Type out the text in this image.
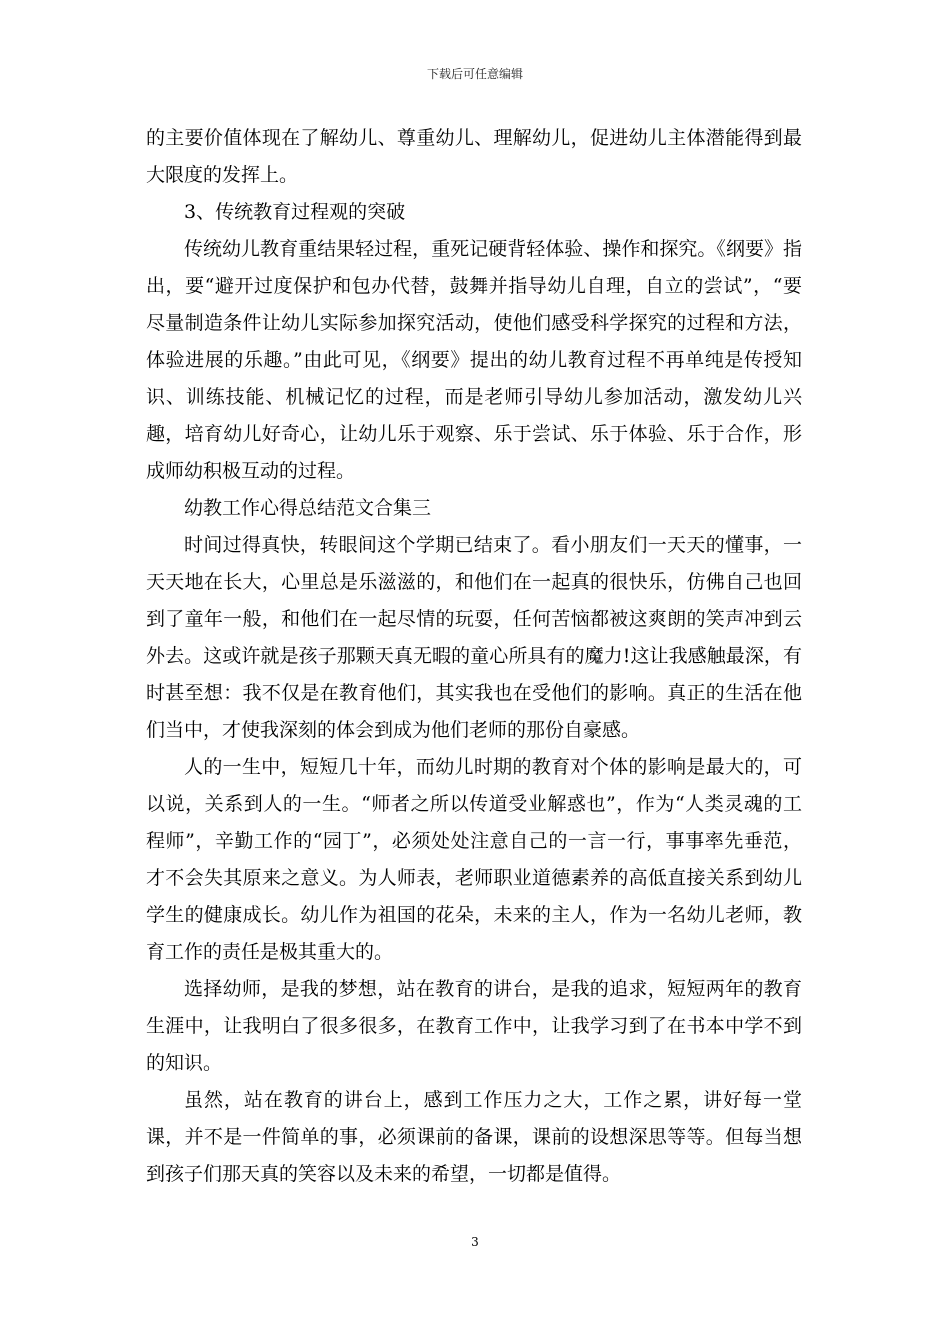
下载后可任意编辑

的主要价值体现在了解幼儿、尊重幼儿、理解幼儿，促进幼儿主体潜能得到最大限度的发挥上。

3、传统教育过程观的突破

传统幼儿教育重结果轻过程，重死记硬背轻体验、操作和探究。《纲要》指出，要“避开过度保护和包办代替，鼓舞并指导幼儿自理，自立的尝试”，“要尽量制造条件让幼儿实际参加探究活动，使他们感受科学探究的过程和方法，体验进展的乐趣。”由此可见，《纲要》提出的幼儿教育过程不再单纯是传授知识、训练技能、机械记忆的过程，而是老师引导幼儿参加活动，激发幼儿兴趣，培育幼儿好奇心，让幼儿乐于观察、乐于尝试、乐于体验、乐于合作，形成师幼积极互动的过程。

幼教工作心得总结范文合集三

时间过得真快，转眼间这个学期已结束了。看小朋友们一天天的懂事，一天天地在长大，心里总是乐滋滋的，和他们在一起真的很快乐，仿佛自己也回到了童年一般，和他们在一起尽情的玩耍，任何苦恼都被这爽朗的笑声冲到云外去。这或许就是孩子那颗天真无暇的童心所具有的魔力!这让我感触最深，有时甚至想：我不仅是在教育他们，其实我也在受他们的影响。真正的生活在他们当中，才使我深刻的体会到成为他们老师的那份自豪感。

人的一生中，短短几十年，而幼儿时期的教育对个体的影响是最大的，可以说，关系到人的一生。“师者之所以传道受业解惑也”，作为“人类灵魂的工程师”，辛勤工作的“园丁”，必须处处注意自己的一言一行，事事率先垂范，才不会失其原来之意义。为人师表，老师职业道德素养的高低直接关系到幼儿学生的健康成长。幼儿作为祖国的花朵，未来的主人，作为一名幼儿老师，教育工作的责任是极其重大的。

选择幼师，是我的梦想，站在教育的讲台，是我的追求，短短两年的教育生涯中，让我明白了很多很多，在教育工作中，让我学习到了在书本中学不到的知识。

虽然，站在教育的讲台上，感到工作压力之大，工作之累，讲好每一堂课，并不是一件简单的事，必须课前的备课，课前的设想深思等等。但每当想到孩子们那天真的笑容以及未来的希望，一切都是值得。

3
